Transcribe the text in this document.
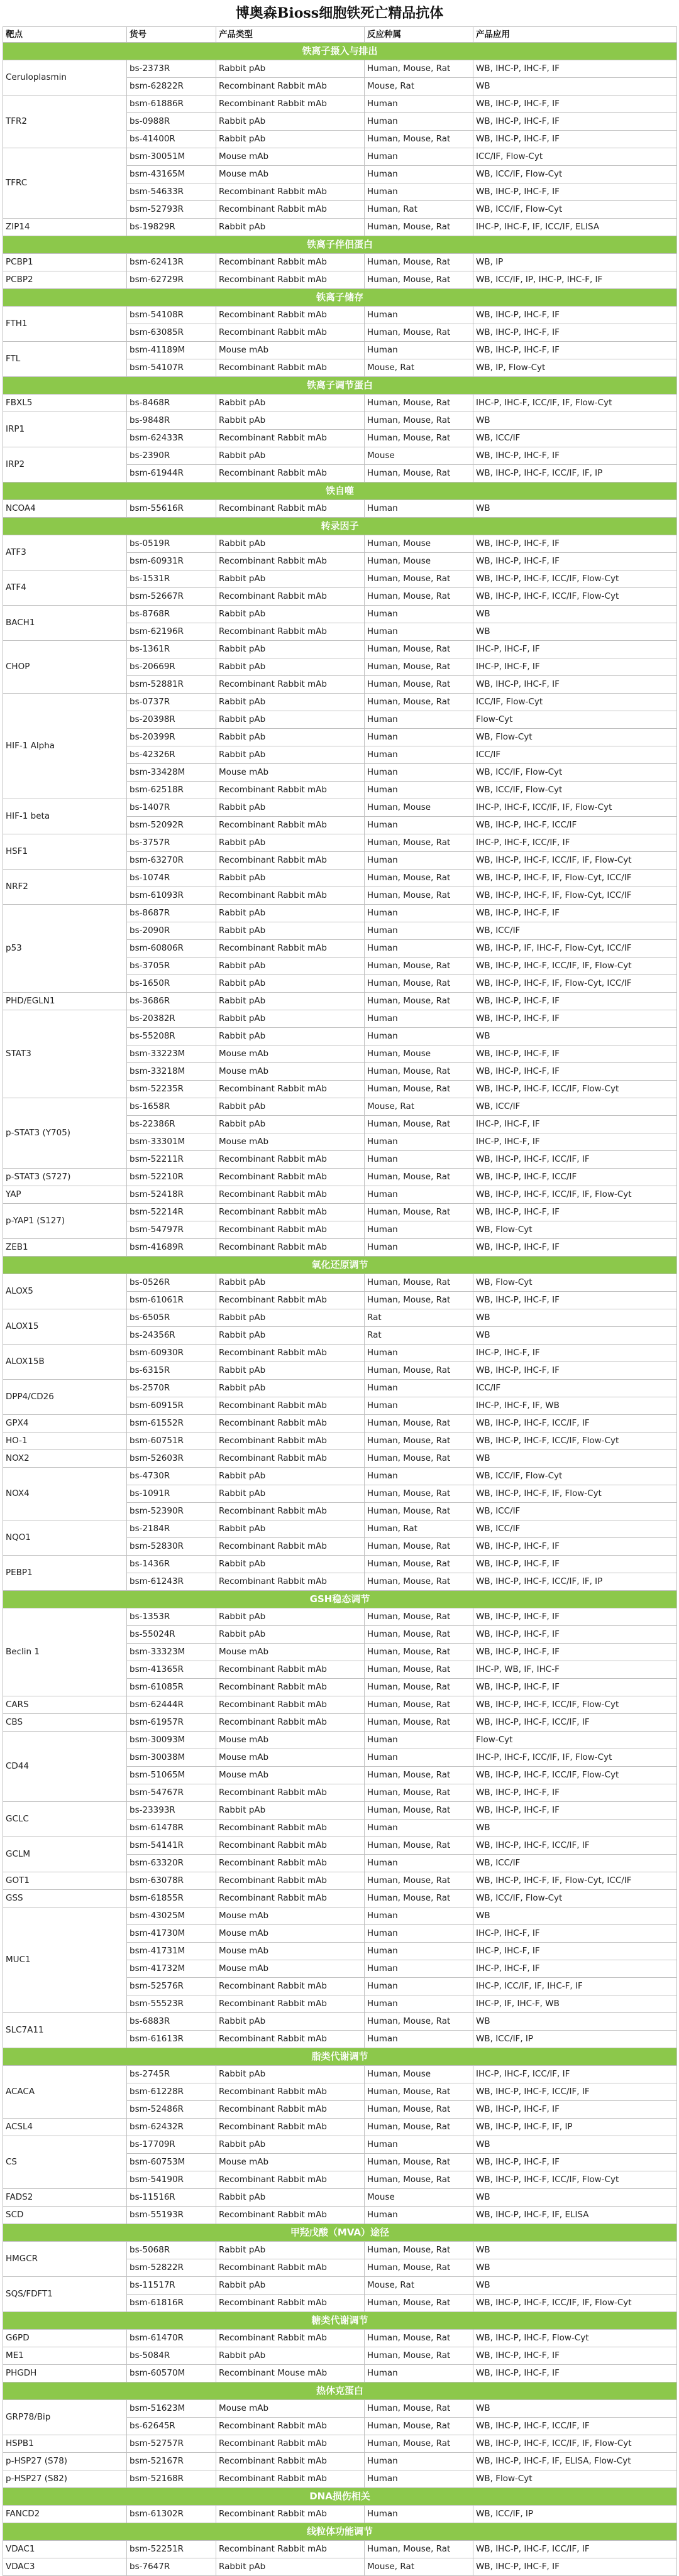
博奥森Bioss细胞铁死亡精品抗体
靶点	货号	产品类型	反应种属	产品应用
铁离子摄入与排出				
Ceruloplasmin	bs-2373R	Rabbit pAb	Human, Mouse, Rat	WB, IHC-P, IHC-F, IF
	bsm-62822R	Recombinant Rabbit mAb	Mouse, Rat	WB
TFR2	bsm-61886R	Recombinant Rabbit mAb	Human	WB, IHC-P, IHC-F, IF
	bs-0988R	Rabbit pAb	Human	WB, IHC-P, IHC-F, IF
	bs-41400R	Rabbit pAb	Human, Mouse, Rat	WB, IHC-P, IHC-F, IF
TFRC	bsm-30051M	Mouse mAb	Human	ICC/IF, Flow-Cyt
	bsm-43165M	Mouse mAb	Human	WB, ICC/IF, Flow-Cyt
	bsm-54633R	Recombinant Rabbit mAb	Human	WB, IHC-P, IHC-F, IF
	bsm-52793R	Recombinant Rabbit mAb	Human, Rat	WB, ICC/IF, Flow-Cyt
ZIP14	bs-19829R	Rabbit pAb	Human, Mouse, Rat	IHC-P, IHC-F, IF, ICC/IF, ELISA
铁离子伴侣蛋白				
PCBP1	bsm-62413R	Recombinant Rabbit mAb	Human, Mouse, Rat	WB, IP
PCBP2	bsm-62729R	Recombinant Rabbit mAb	Human, Mouse, Rat	WB, ICC/IF, IP, IHC-P, IHC-F, IF
铁离子储存				
FTH1	bsm-54108R	Recombinant Rabbit mAb	Human	WB, IHC-P, IHC-F, IF
	bsm-63085R	Recombinant Rabbit mAb	Human, Mouse, Rat	WB, IHC-P, IHC-F, IF
FTL	bsm-41189M	Mouse mAb	Human	WB, IHC-P, IHC-F, IF
	bsm-54107R	Recombinant Rabbit mAb	Mouse, Rat	WB, IP, Flow-Cyt
铁离子调节蛋白				
FBXL5	bs-8468R	Rabbit pAb	Human, Mouse, Rat	IHC-P, IHC-F, ICC/IF, IF, Flow-Cyt
IRP1	bs-9848R	Rabbit pAb	Human, Mouse, Rat	WB
	bsm-62433R	Recombinant Rabbit mAb	Human, Mouse, Rat	WB, ICC/IF
IRP2	bs-2390R	Rabbit pAb	Mouse	WB, IHC-P, IHC-F, IF
	bsm-61944R	Recombinant Rabbit mAb	Human, Mouse, Rat	WB, IHC-P, IHC-F, ICC/IF, IF, IP
铁自噬				
NCOA4	bsm-55616R	Recombinant Rabbit mAb	Human	WB
转录因子				
ATF3	bs-0519R	Rabbit pAb	Human, Mouse	WB, IHC-P, IHC-F, IF
	bsm-60931R	Recombinant Rabbit mAb	Human, Mouse	WB, IHC-P, IHC-F, IF
ATF4	bs-1531R	Rabbit pAb	Human, Mouse, Rat	WB, IHC-P, IHC-F, ICC/IF, Flow-Cyt
	bsm-52667R	Recombinant Rabbit mAb	Human, Mouse, Rat	WB, IHC-P, IHC-F, ICC/IF, Flow-Cyt
BACH1	bs-8768R	Rabbit pAb	Human	WB
	bsm-62196R	Recombinant Rabbit mAb	Human	WB
CHOP	bs-1361R	Rabbit pAb	Human, Mouse, Rat	IHC-P, IHC-F, IF
	bs-20669R	Rabbit pAb	Human, Mouse, Rat	IHC-P, IHC-F, IF
	bsm-52881R	Recombinant Rabbit mAb	Human, Mouse, Rat	WB, IHC-P, IHC-F, IF
HIF-1 Alpha	bs-0737R	Rabbit pAb	Human, Mouse, Rat	ICC/IF, Flow-Cyt
	bs-20398R	Rabbit pAb	Human	Flow-Cyt
	bs-20399R	Rabbit pAb	Human	WB, Flow-Cyt
	bs-42326R	Rabbit pAb	Human	ICC/IF
	bsm-33428M	Mouse mAb	Human	WB, ICC/IF, Flow-Cyt
	bsm-62518R	Recombinant Rabbit mAb	Human	WB, ICC/IF, Flow-Cyt
HIF-1 beta	bs-1407R	Rabbit pAb	Human, Mouse	IHC-P, IHC-F, ICC/IF, IF, Flow-Cyt
	bsm-52092R	Recombinant Rabbit mAb	Human	WB, IHC-P, IHC-F, ICC/IF
HSF1	bs-3757R	Rabbit pAb	Human, Mouse, Rat	IHC-P, IHC-F, ICC/IF, IF
	bsm-63270R	Recombinant Rabbit mAb	Human	WB, IHC-P, IHC-F, ICC/IF, IF, Flow-Cyt
NRF2	bs-1074R	Rabbit pAb	Human, Mouse, Rat	WB, IHC-P, IHC-F, IF, Flow-Cyt, ICC/IF
	bsm-61093R	Recombinant Rabbit mAb	Human, Mouse, Rat	WB, IHC-P, IHC-F, IF, Flow-Cyt, ICC/IF
p53	bs-8687R	Rabbit pAb	Human	WB, IHC-P, IHC-F, IF
	bs-2090R	Rabbit pAb	Human	WB, ICC/IF
	bsm-60806R	Recombinant Rabbit mAb	Human	WB, IHC-P, IF, IHC-F, Flow-Cyt, ICC/IF
	bs-3705R	Rabbit pAb	Human, Mouse, Rat	WB, IHC-P, IHC-F, ICC/IF, IF, Flow-Cyt
	bs-1650R	Rabbit pAb	Human, Mouse, Rat	WB, IHC-P, IHC-F, IF, Flow-Cyt, ICC/IF
PHD/EGLN1	bs-3686R	Rabbit pAb	Human, Mouse, Rat	WB, IHC-P, IHC-F, IF
STAT3	bs-20382R	Rabbit pAb	Human	WB, IHC-P, IHC-F, IF
	bs-55208R	Rabbit pAb	Human	WB
	bsm-33223M	Mouse mAb	Human, Mouse	WB, IHC-P, IHC-F, IF
	bsm-33218M	Mouse mAb	Human, Mouse, Rat	WB, IHC-P, IHC-F, IF
	bsm-52235R	Recombinant Rabbit mAb	Human, Mouse, Rat	WB, IHC-P, IHC-F, ICC/IF, Flow-Cyt
p-STAT3 (Y705)	bs-1658R	Rabbit pAb	Mouse, Rat	WB, ICC/IF
	bs-22386R	Rabbit pAb	Human, Mouse, Rat	IHC-P, IHC-F, IF
	bsm-33301M	Mouse mAb	Human	IHC-P, IHC-F, IF
	bsm-52211R	Recombinant Rabbit mAb	Human	WB, IHC-P, IHC-F, ICC/IF, IF
p-STAT3 (S727)	bsm-52210R	Recombinant Rabbit mAb	Human, Mouse, Rat	WB, IHC-P, IHC-F, ICC/IF
YAP	bsm-52418R	Recombinant Rabbit mAb	Human	WB, IHC-P, IHC-F, ICC/IF, IF, Flow-Cyt
p-YAP1 (S127)	bsm-52214R	Recombinant Rabbit mAb	Human, Mouse, Rat	WB, IHC-P, IHC-F, IF
	bsm-54797R	Recombinant Rabbit mAb	Human	WB, Flow-Cyt
ZEB1	bsm-41689R	Recombinant Rabbit mAb	Human	WB, IHC-P, IHC-F, IF
氧化还原调节				
ALOX5	bs-0526R	Rabbit pAb	Human, Mouse, Rat	WB, Flow-Cyt
	bsm-61061R	Recombinant Rabbit mAb	Human, Mouse, Rat	WB, IHC-P, IHC-F, IF
ALOX15	bs-6505R	Rabbit pAb	Rat	WB
	bs-24356R	Rabbit pAb	Rat	WB
ALOX15B	bsm-60930R	Recombinant Rabbit mAb	Human	IHC-P, IHC-F, IF
	bs-6315R	Rabbit pAb	Human, Mouse, Rat	WB, IHC-P, IHC-F, IF
DPP4/CD26	bs-2570R	Rabbit pAb	Human	ICC/IF
	bsm-60915R	Recombinant Rabbit mAb	Human	IHC-P, IHC-F, IF, WB
GPX4	bsm-61552R	Recombinant Rabbit mAb	Human, Mouse, Rat	WB, IHC-P, IHC-F, ICC/IF, IF
HO-1	bsm-60751R	Recombinant Rabbit mAb	Human, Mouse, Rat	WB, IHC-P, IHC-F, ICC/IF, Flow-Cyt
NOX2	bsm-52603R	Recombinant Rabbit mAb	Human, Mouse, Rat	WB
NOX4	bs-4730R	Rabbit pAb	Human	WB, ICC/IF, Flow-Cyt
	bs-1091R	Rabbit pAb	Human, Mouse, Rat	WB, IHC-P, IHC-F, IF, Flow-Cyt
	bsm-52390R	Recombinant Rabbit mAb	Human, Mouse, Rat	WB, ICC/IF
NQO1	bs-2184R	Rabbit pAb	Human, Rat	WB, ICC/IF
	bsm-52830R	Recombinant Rabbit mAb	Human, Mouse, Rat	WB, IHC-P, IHC-F, IF
PEBP1	bs-1436R	Rabbit pAb	Human, Mouse, Rat	WB, IHC-P, IHC-F, IF
	bsm-61243R	Recombinant Rabbit mAb	Human, Mouse, Rat	WB, IHC-P, IHC-F, ICC/IF, IF, IP
GSH稳态调节				
Beclin 1	bs-1353R	Rabbit pAb	Human, Mouse, Rat	WB, IHC-P, IHC-F, IF
	bs-55024R	Rabbit pAb	Human, Mouse, Rat	WB, IHC-P, IHC-F, IF
	bsm-33323M	Mouse mAb	Human, Mouse, Rat	WB, IHC-P, IHC-F, IF
	bsm-41365R	Recombinant Rabbit mAb	Human, Mouse, Rat	IHC-P, WB, IF, IHC-F
	bsm-61085R	Recombinant Rabbit mAb	Human, Mouse, Rat	WB, IHC-P, IHC-F, IF
CARS	bsm-62444R	Recombinant Rabbit mAb	Human, Mouse, Rat	WB, IHC-P, IHC-F, ICC/IF, Flow-Cyt
CBS	bsm-61957R	Recombinant Rabbit mAb	Human, Mouse, Rat	WB, IHC-P, IHC-F, ICC/IF, IF
CD44	bsm-30093M	Mouse mAb	Human	Flow-Cyt
	bsm-30038M	Mouse mAb	Human	IHC-P, IHC-F, ICC/IF, IF, Flow-Cyt
	bsm-51065M	Mouse mAb	Human, Mouse, Rat	WB, IHC-P, IHC-F, ICC/IF, Flow-Cyt
	bsm-54767R	Recombinant Rabbit mAb	Human, Mouse, Rat	WB, IHC-P, IHC-F, IF
GCLC	bs-23393R	Rabbit pAb	Human, Mouse, Rat	WB, IHC-P, IHC-F, IF
	bsm-61478R	Recombinant Rabbit mAb	Human	WB
GCLM	bsm-54141R	Recombinant Rabbit mAb	Human, Mouse, Rat	WB, IHC-P, IHC-F, ICC/IF, IF
	bsm-63320R	Recombinant Rabbit mAb	Human	WB, ICC/IF
GOT1	bsm-63078R	Recombinant Rabbit mAb	Human, Mouse, Rat	WB, IHC-P, IHC-F, IF, Flow-Cyt, ICC/IF
GSS	bsm-61855R	Recombinant Rabbit mAb	Human, Mouse, Rat	WB, ICC/IF, Flow-Cyt
MUC1	bsm-43025M	Mouse mAb	Human	WB
	bsm-41730M	Mouse mAb	Human	IHC-P, IHC-F, IF
	bsm-41731M	Mouse mAb	Human	IHC-P, IHC-F, IF
	bsm-41732M	Mouse mAb	Human	IHC-P, IHC-F, IF
	bsm-52576R	Recombinant Rabbit mAb	Human	IHC-P, ICC/IF, IF, IHC-F, IF
	bsm-55523R	Recombinant Rabbit mAb	Human	IHC-P, IF, IHC-F, WB
SLC7A11	bs-6883R	Rabbit pAb	Human, Mouse, Rat	WB
	bsm-61613R	Recombinant Rabbit mAb	Human	WB, ICC/IF, IP
脂类代谢调节				
ACACA	bs-2745R	Rabbit pAb	Human, Mouse	IHC-P, IHC-F, ICC/IF, IF
	bsm-61228R	Recombinant Rabbit mAb	Human, Mouse, Rat	WB, IHC-P, IHC-F, ICC/IF, IF
	bsm-52486R	Recombinant Rabbit mAb	Human, Mouse, Rat	WB, IHC-P, IHC-F, IF
ACSL4	bsm-62432R	Recombinant Rabbit mAb	Human, Mouse, Rat	WB, IHC-P, IHC-F, IF, IP
CS	bs-17709R	Rabbit pAb	Human	WB
	bsm-60753M	Mouse mAb	Human, Mouse, Rat	WB, IHC-P, IHC-F, IF
	bsm-54190R	Recombinant Rabbit mAb	Human, Mouse, Rat	WB, IHC-P, IHC-F, ICC/IF, Flow-Cyt
FADS2	bs-11516R	Rabbit pAb	Mouse	WB
SCD	bsm-55193R	Recombinant Rabbit mAb	Human	WB, IHC-P, IHC-F, IF, ELISA
甲羟戊酸（MVA）途径				
HMGCR	bs-5068R	Rabbit pAb	Human, Mouse, Rat	WB
	bsm-52822R	Recombinant Rabbit mAb	Human, Mouse, Rat	WB
SQS/FDFT1	bs-11517R	Rabbit pAb	Mouse, Rat	WB
	bsm-61816R	Recombinant Rabbit mAb	Human, Mouse, Rat	WB, IHC-P, IHC-F, ICC/IF, IF, Flow-Cyt
糖类代谢调节				
G6PD	bsm-61470R	Recombinant Rabbit mAb	Human, Mouse, Rat	WB, IHC-P, IHC-F, Flow-Cyt
ME1	bs-5084R	Rabbit pAb	Human, Mouse, Rat	WB, IHC-P, IHC-F, IF
PHGDH	bsm-60570M	Recombinant Mouse mAb	Human	WB, IHC-P, IHC-F, IF
热休克蛋白				
GRP78/Bip	bsm-51623M	Mouse mAb	Human, Mouse, Rat	WB
	bs-62645R	Recombinant Rabbit mAb	Human, Mouse, Rat	WB, IHC-P, IHC-F, ICC/IF, IF
HSPB1	bsm-52757R	Recombinant Rabbit mAb	Human, Mouse, Rat	WB, IHC-P, IHC-F, ICC/IF, IF, Flow-Cyt
p-HSP27 (S78)	bsm-52167R	Recombinant Rabbit mAb	Human	WB, IHC-P, IHC-F, IF, ELISA, Flow-Cyt
p-HSP27 (S82)	bsm-52168R	Recombinant Rabbit mAb	Human	WB, Flow-Cyt
DNA损伤相关				
FANCD2	bsm-61302R	Recombinant Rabbit mAb	Human	WB, ICC/IF, IP
线粒体功能调节				
VDAC1	bsm-52251R	Recombinant Rabbit mAb	Human, Mouse, Rat	WB, IHC-P, IHC-F, ICC/IF, IF
VDAC3	bs-7647R	Rabbit pAb	Mouse, Rat	WB, IHC-P, IHC-F, IF
